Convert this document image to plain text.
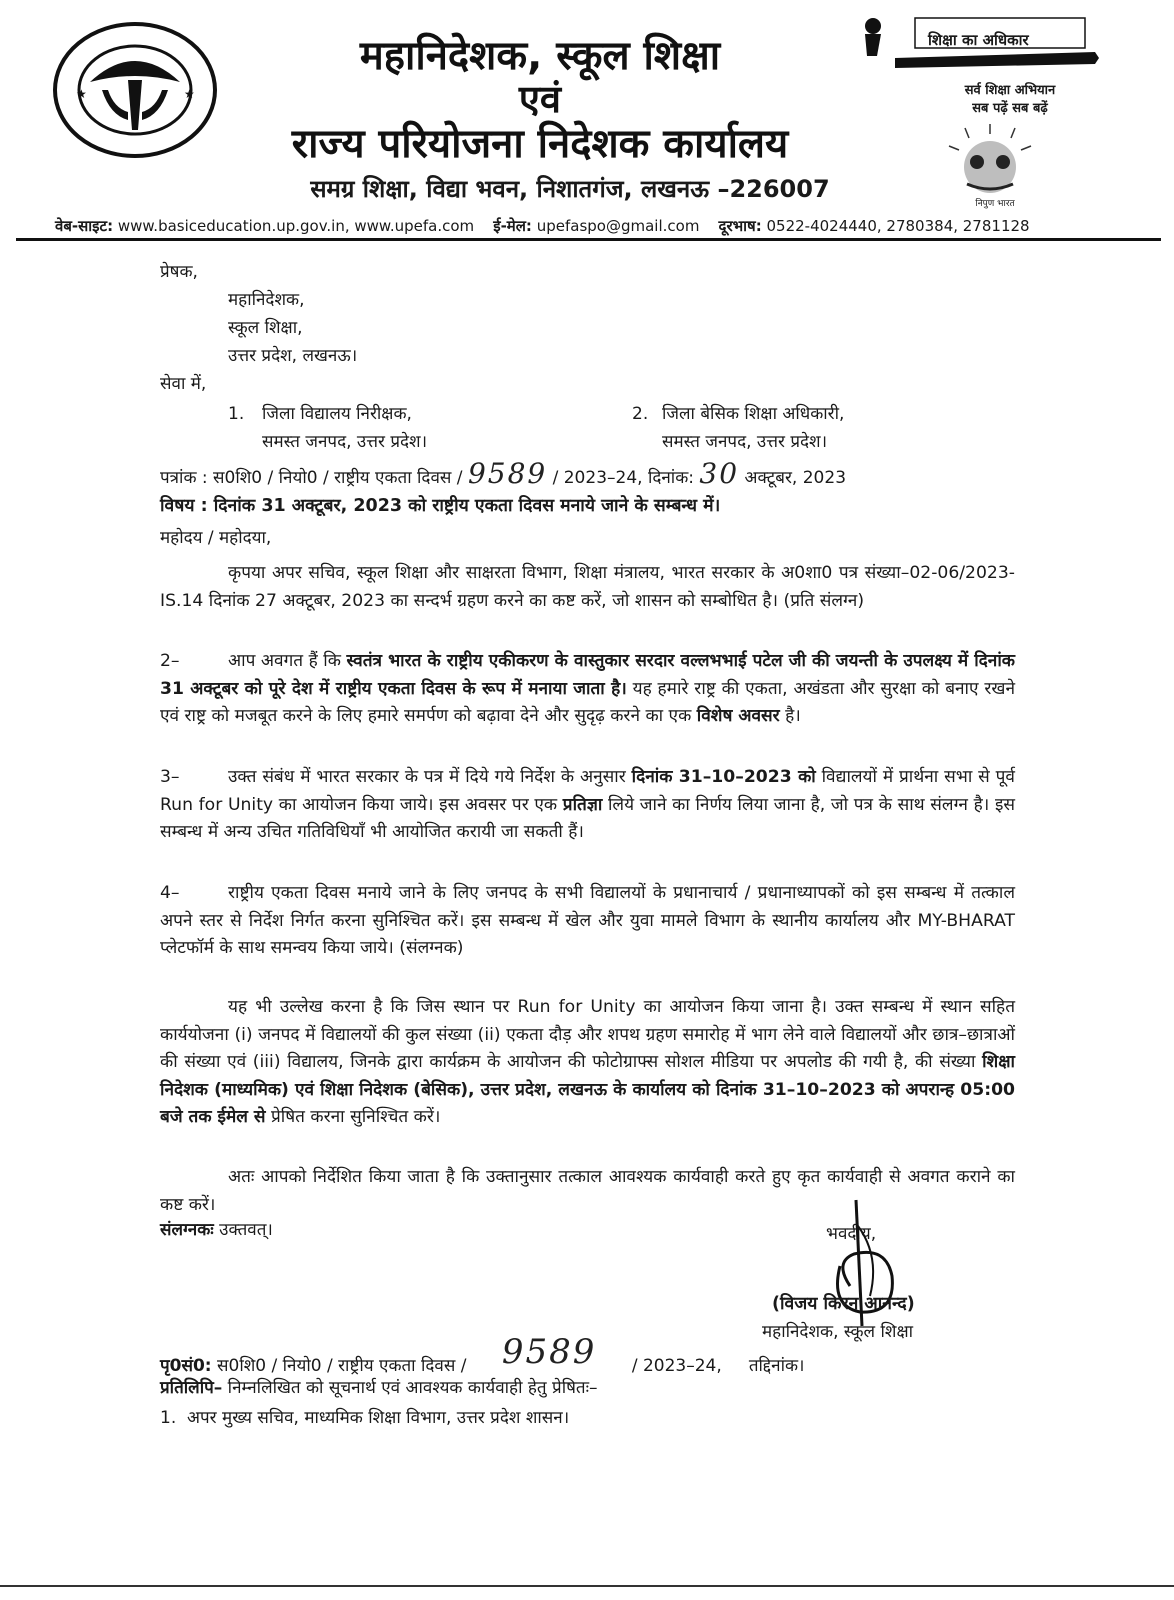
★	★
महानिदेशक, स्कूल शिक्षा
एवं
राज्य परियोजना निदेशक कार्यालय
समग्र शिक्षा, विद्या भवन, निशातगंज, लखनऊ –226007
शिक्षा का अधिकार
सर्व शिक्षा अभियान
सब पढ़ें सब बढ़ें
निपुण भारत
वेब-साइट: www.basiceducation.up.gov.in, www.upefa.com ई-मेल: upefaspo@gmail.com दूरभाष: 0522-4024440, 2780384, 2781128
प्रेषक,
महानिदेशक,
स्कूल शिक्षा,
उत्तर प्रदेश, लखनऊ।
सेवा में,
1. जिला विद्यालय निरीक्षक,
समस्त जनपद, उत्तर प्रदेश।
2. जिला बेसिक शिक्षा अधिकारी,
समस्त जनपद, उत्तर प्रदेश।
पत्रांक : स0शि0 / नियो0 / राष्ट्रीय एकता दिवस / 9589 / 2023–24, दिनांक: 30 अक्टूबर, 2023
विषय : दिनांक 31 अक्टूबर, 2023 को राष्ट्रीय एकता दिवस मनाये जाने के सम्बन्ध में।
महोदय / महोदया,
कृपया अपर सचिव, स्कूल शिक्षा और साक्षरता विभाग, शिक्षा मंत्रालय, भारत सरकार के अ0शा0 पत्र संख्या–02-06/2023-IS.14 दिनांक 27 अक्टूबर, 2023 का सन्दर्भ ग्रहण करने का कष्ट करें, जो शासन को सम्बोधित है। (प्रति संलग्न)
2–	आप अवगत हैं कि स्वतंत्र भारत के राष्ट्रीय एकीकरण के वास्तुकार सरदार वल्लभभाई पटेल जी की जयन्ती के उपलक्ष्य में दिनांक 31 अक्टूबर को पूरे देश में राष्ट्रीय एकता दिवस के रूप में मनाया जाता है। यह हमारे राष्ट्र की एकता, अखंडता और सुरक्षा को बनाए रखने एवं राष्ट्र को मजबूत करने के लिए हमारे समर्पण को बढ़ावा देने और सुदृढ़ करने का एक विशेष अवसर है।
3–	उक्त संबंध में भारत सरकार के पत्र में दिये गये निर्देश के अनुसार दिनांक 31–10–2023 को विद्यालयों में प्रार्थना सभा से पूर्व Run for Unity का आयोजन किया जाये। इस अवसर पर एक प्रतिज्ञा लिये जाने का निर्णय लिया जाना है, जो पत्र के साथ संलग्न है। इस सम्बन्ध में अन्य उचित गतिविधियाँ भी आयोजित करायी जा सकती हैं।
4–	राष्ट्रीय एकता दिवस मनाये जाने के लिए जनपद के सभी विद्यालयों के प्रधानाचार्य / प्रधानाध्यापकों को इस सम्बन्ध में तत्काल अपने स्तर से निर्देश निर्गत करना सुनिश्चित करें। इस सम्बन्ध में खेल और युवा मामले विभाग के स्थानीय कार्यालय और MY-BHARAT प्लेटफॉर्म के साथ समन्वय किया जाये। (संलग्नक)
यह भी उल्लेख करना है कि जिस स्थान पर Run for Unity का आयोजन किया जाना है। उक्त सम्बन्ध में स्थान सहित कार्ययोजना (i) जनपद में विद्यालयों की कुल संख्या (ii) एकता दौड़ और शपथ ग्रहण समारोह में भाग लेने वाले विद्यालयों और छात्र–छात्राओं की संख्या एवं (iii) विद्यालय, जिनके द्वारा कार्यक्रम के आयोजन की फोटोग्राफ्स सोशल मीडिया पर अपलोड की गयी है, की संख्या शिक्षा निदेशक (माध्यमिक) एवं शिक्षा निदेशक (बेसिक), उत्तर प्रदेश, लखनऊ के कार्यालय को दिनांक 31–10–2023 को अपरान्ह 05:00 बजे तक ईमेल से प्रेषित करना सुनिश्चित करें।
अतः आपको निर्देशित किया जाता है कि उक्तानुसार तत्काल आवश्यक कार्यवाही करते हुए कृत कार्यवाही से अवगत कराने का कष्ट करें।
संलग्नकः उक्तवत्।	भवदीय,
(विजय किरन आनन्द)
महानिदेशक, स्कूल शिक्षा
पृ0सं0: स0शि0 / नियो0 / राष्ट्रीय एकता दिवस / 9589 / 2023–24, तद्दिनांक।
प्रतिलिपि– निम्नलिखित को सूचनार्थ एवं आवश्यक कार्यवाही हेतु प्रेषितः–
1.  अपर मुख्य सचिव, माध्यमिक शिक्षा विभाग, उत्तर प्रदेश शासन।
